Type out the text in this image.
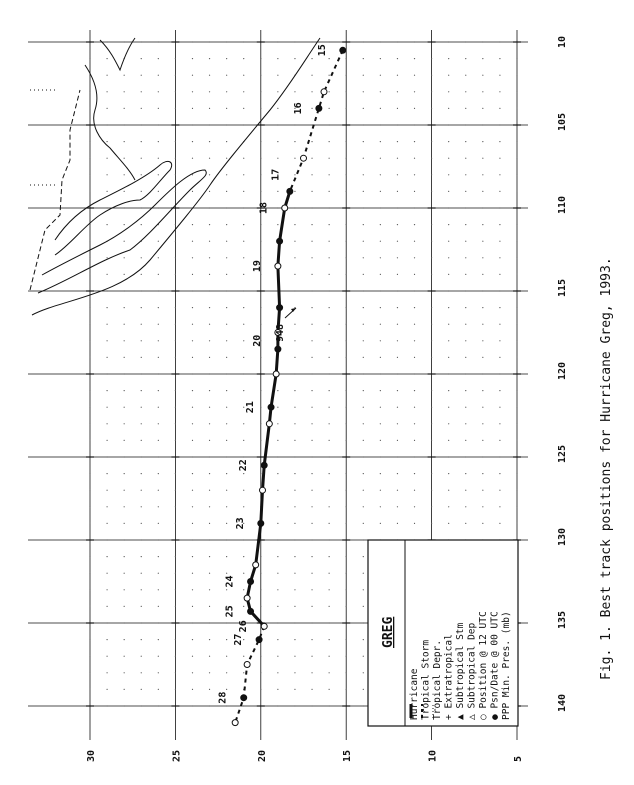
15
16
17
18
19
20
21
22
23
24
25
26
27
28	140
135
130
125
120
115
110
105
10
30	25	20	15	10	5
948
GREG
Hurricane Tropical Storm Tropical Depr. + Extratropical ▲ Subtropical Stm △ Subtropical Dep ○ Position @ 12 UTC ● Psn/Date @ 00 UTC PPP Min. Pres. (mb)	Fig. 1. Best track positions for Hurricane Greg, 1993.
